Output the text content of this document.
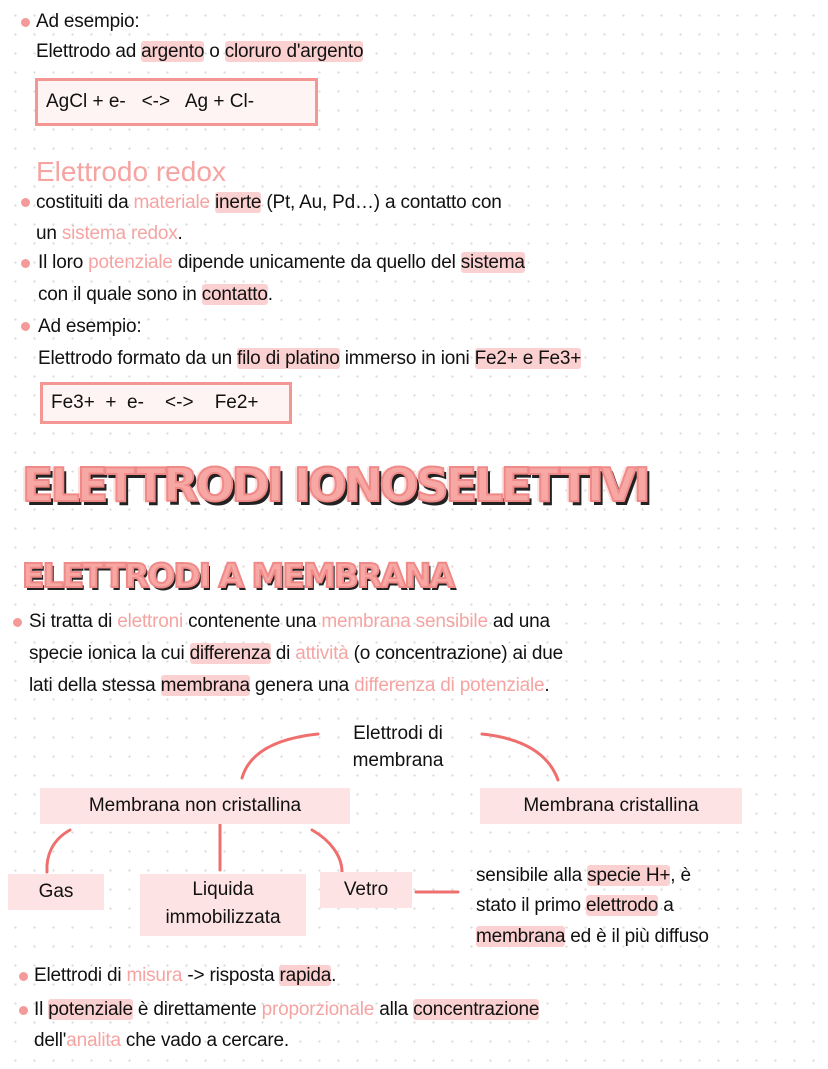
Ad esempio:
Elettrodo ad argento o cloruro d'argento
AgCl + e-   <->   Ag + Cl-
Elettrodo redox
costituiti da materiale inerte (Pt, Au, Pd…) a contatto con
un sistema redox.
Il loro potenziale dipende unicamente da quello del sistema
con il quale sono in contatto.
Ad esempio:
Elettrodo formato da un filo di platino immerso in ioni Fe2+ e Fe3+
Fe3+  +  e-    <->    Fe2+
ELETTRODI IONOSELETTIVI
ELETTRODI A MEMBRANA
Si tratta di elettroni contenente una membrana sensibile ad una
specie ionica la cui differenza di attività (o concentrazione) ai due
lati della stessa membrana genera una differenza di potenziale.
Elettrodi di
membrana
Membrana non cristallina	Membrana cristallina
Gas	Liquida
immobilizzata
Vetro
sensibile alla specie H+, è
stato il primo elettrodo a
membrana ed è il più diffuso
Elettrodi di misura -> risposta rapida.
Il potenziale è direttamente proporzionale alla concentrazione
dell'analita che vado a cercare.
